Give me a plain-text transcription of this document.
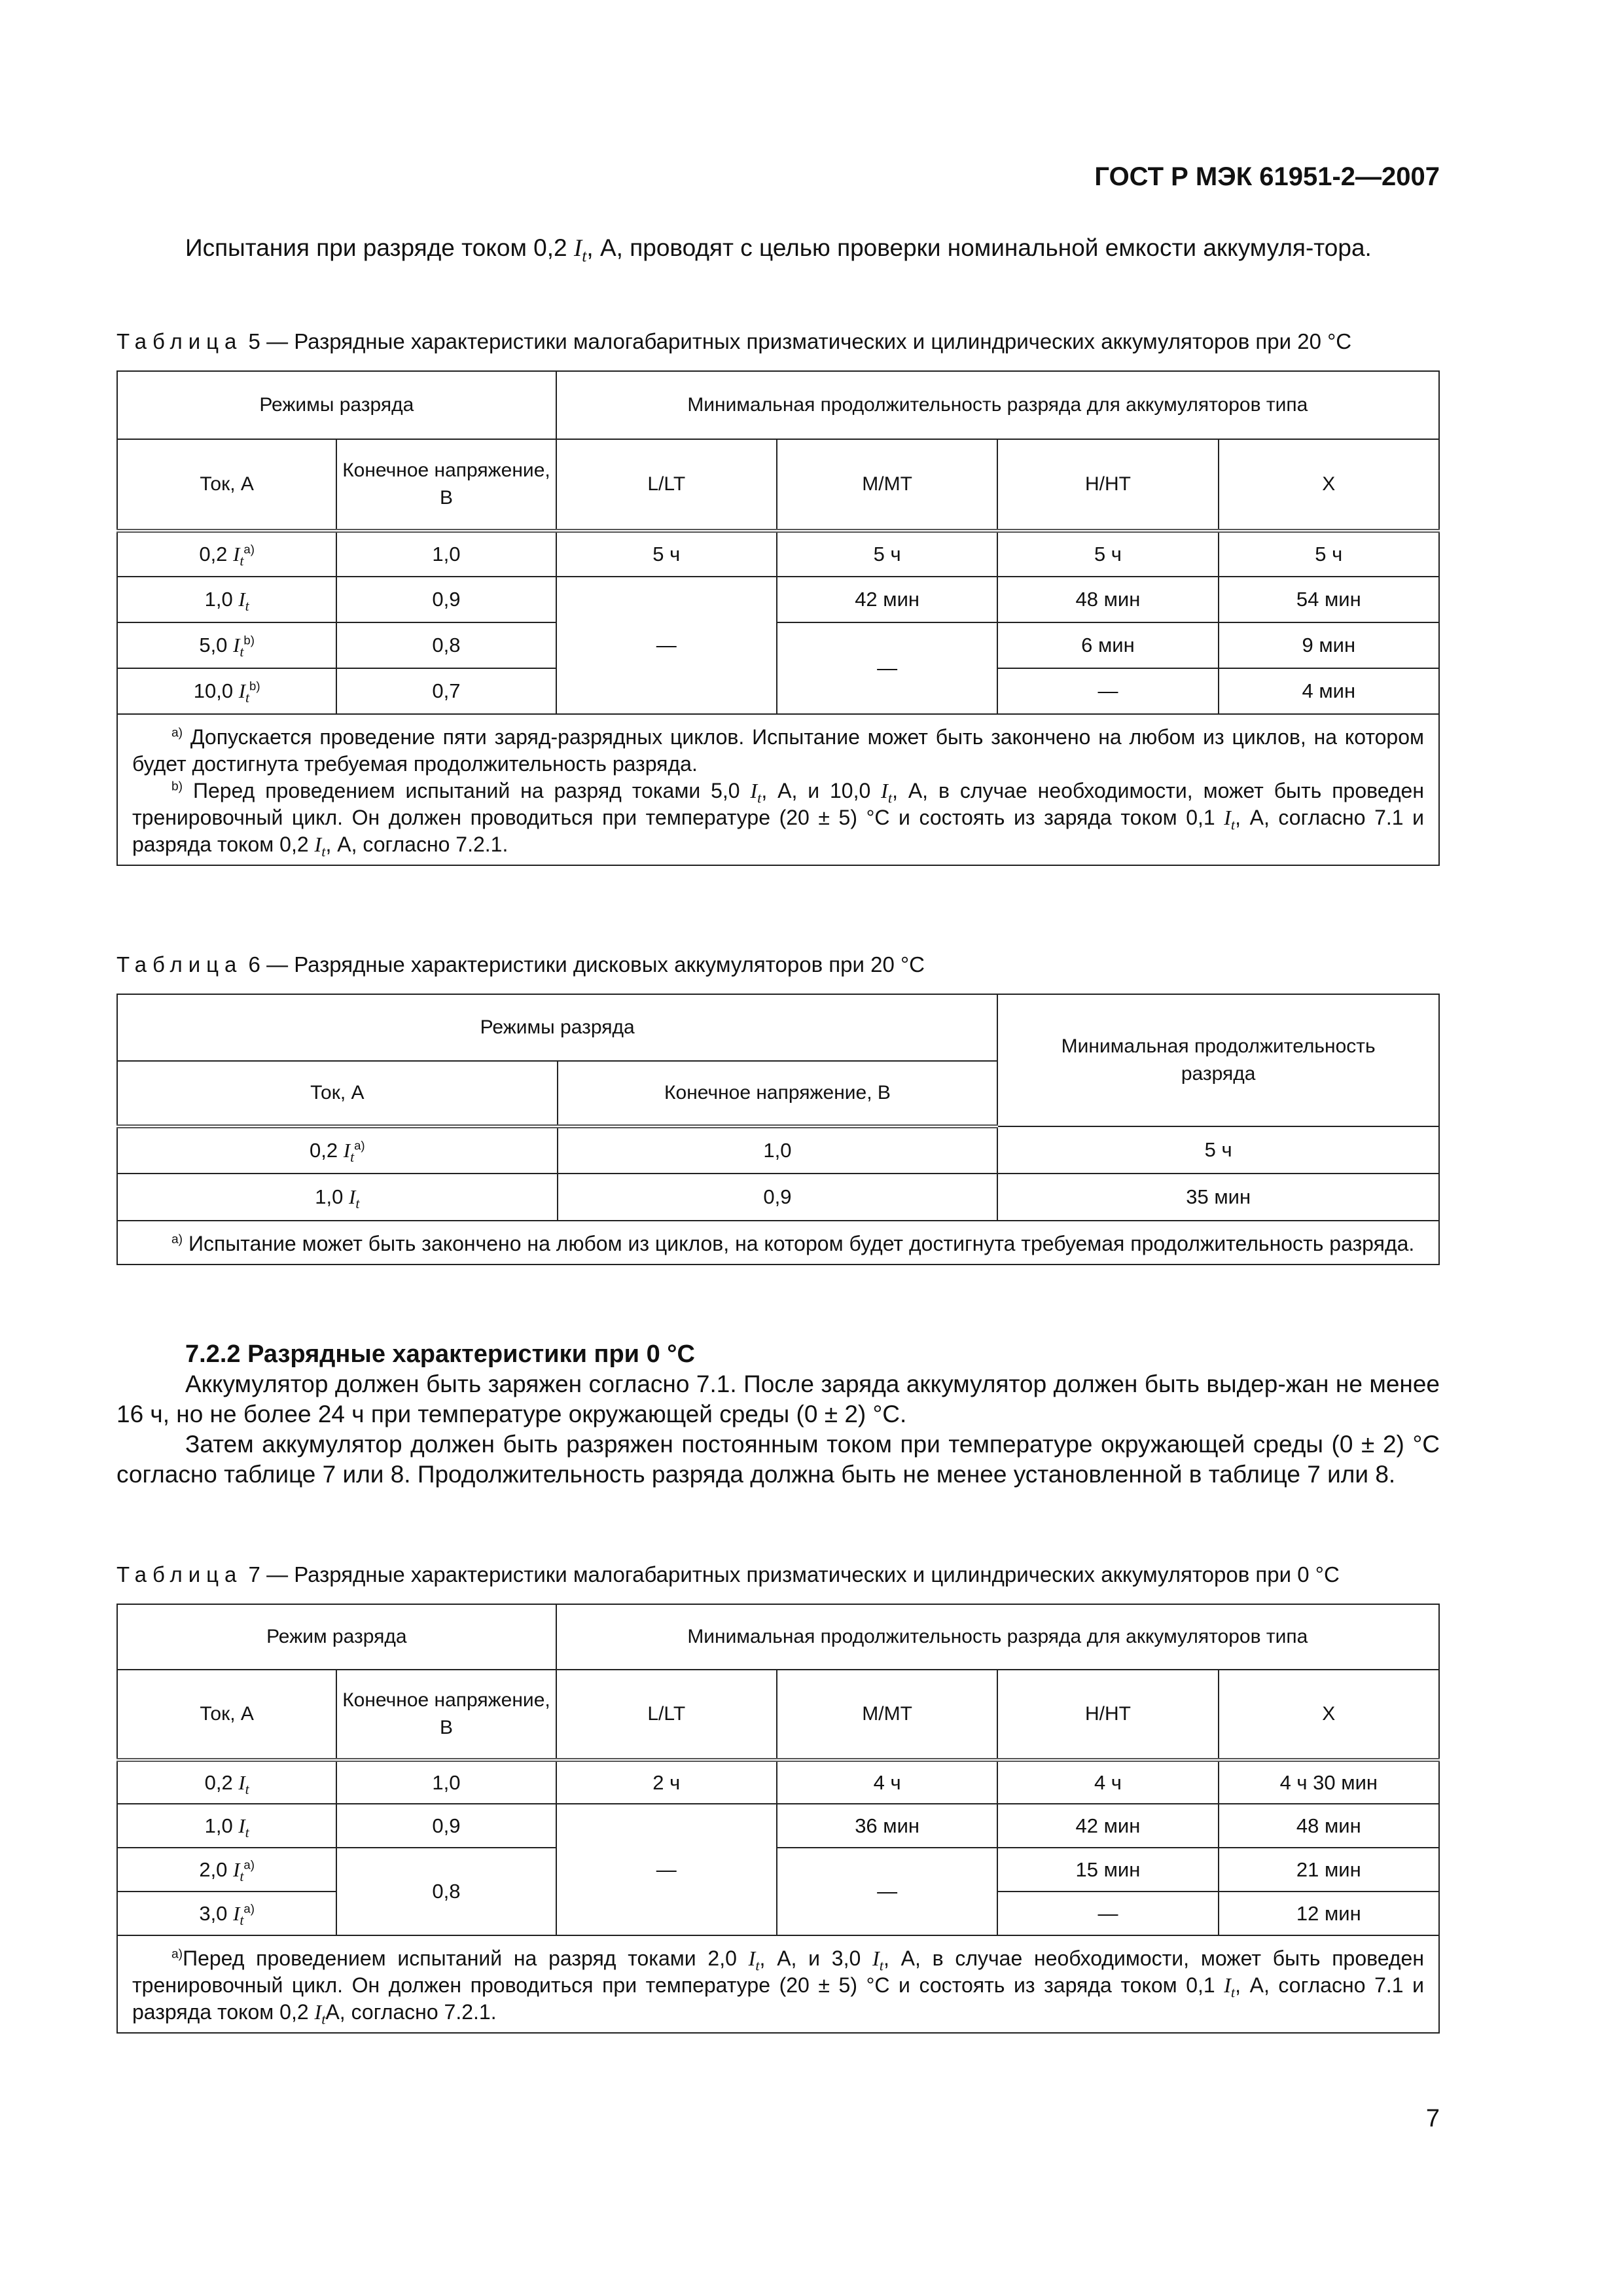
ГОСТ Р МЭК 61951-2—2007

Испытания при разряде током 0,2 $I_t$, А, проводят с целью проверки номинальной емкости аккумуля-тора.

Таблица 5 — Разрядные характеристики малогабаритных призматических и цилиндрических аккумуляторов при 20 °С

Режимы разряда		Минимальная продолжительность разряда для аккумуляторов типа			
Ток, А	Конечное напряжение, В	L/LT	M/MT	H/HT	X
0,2 $I_t^{а)}$	1,0	5 ч	5 ч	5 ч	5 ч
1,0 $I_t$	0,9	—	42 мин	48 мин	54 мин
5,0 $I_t^{b)}$	0,8		—	6 мин	9 мин
10,0 $I_t^{b)}$	0,7			—	4 мин

$^{а)}$ Допускается проведение пяти заряд-разрядных циклов. Испытание может быть закончено на любом из циклов, на котором будет достигнута требуемая продолжительность разряда.
$^{b)}$ Перед проведением испытаний на разряд токами 5,0 $I_t$, А, и 10,0 $I_t$, А, в случае необходимости, может быть проведен тренировочный цикл. Он должен проводиться при температуре (20 ± 5) °С и состоять из заряда током 0,1 $I_t$, А, согласно 7.1 и разряда током 0,2 $I_t$, А, согласно 7.2.1.					

Таблица 6 — Разрядные характеристики дисковых аккумуляторов при 20 °С

Режимы разряда		Минимальная продолжительность разряда
Ток, А	Конечное напряжение, В	
0,2 $I_t^{а)}$	1,0	5 ч
1,0 $I_t$	0,9	35 мин

$^{а)}$ Испытание может быть закончено на любом из циклов, на котором будет достигнута требуемая продолжительность разряда.		

7.2.2 Разрядные характеристики при 0 °С

Аккумулятор должен быть заряжен согласно 7.1. После заряда аккумулятор должен быть выдер-жан не менее 16 ч, но не более 24 ч при температуре окружающей среды (0 ± 2) °С.

Затем аккумулятор должен быть разряжен постоянным током при температуре окружающей среды (0 ± 2) °С согласно таблице 7 или 8. Продолжительность разряда должна быть не менее установленной в таблице 7 или 8.

Таблица 7 — Разрядные характеристики малогабаритных призматических и цилиндрических аккумуляторов при 0 °С

Режим разряда		Минимальная продолжительность разряда для аккумуляторов типа			
Ток, А	Конечное напряжение, В	L/LT	M/MT	H/HT	X
0,2 $I_t$	1,0	2 ч	4 ч	4 ч	4 ч 30 мин
1,0 $I_t$	0,9	—	36 мин	42 мин	48 мин
2,0 $I_t^{а)}$	0,8		—	15 мин	21 мин
3,0 $I_t^{а)}$				—	12 мин

$^{а)}$Перед проведением испытаний на разряд токами 2,0 $I_t$, А, и 3,0 $I_t$, А, в случае необходимости, может быть проведен тренировочный цикл. Он должен проводиться при температуре (20 ± 5) °С и состоять из заряда током 0,1 $I_t$, А, согласно 7.1 и разряда током 0,2 $I_tА$, согласно 7.2.1.					
7
